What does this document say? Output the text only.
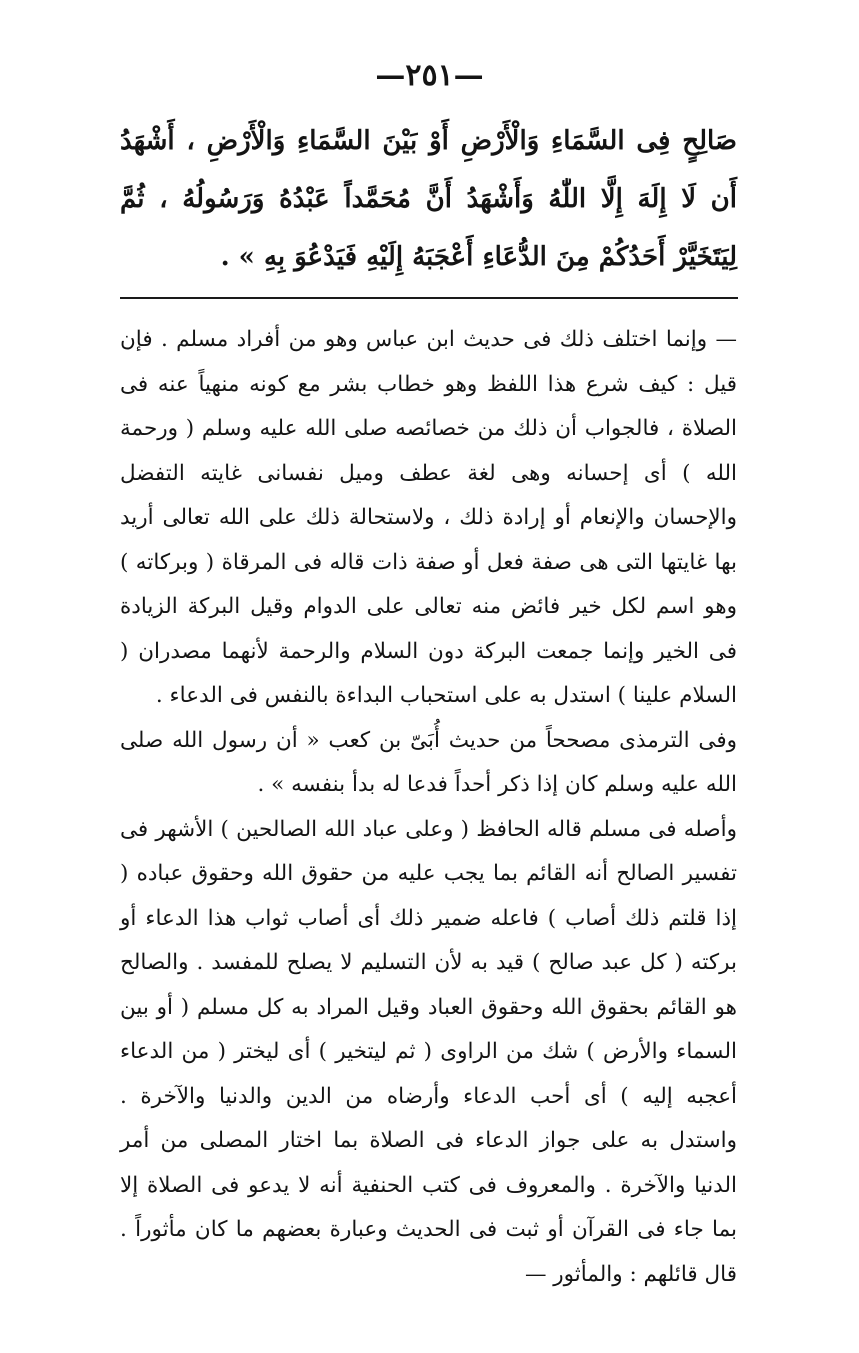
—٢٥١—
صَالِحٍ فِى السَّمَاءِ وَالْأَرْضِ أَوْ بَيْنَ السَّمَاءِ وَالْأَرْضِ ، أَشْهَدُ أَن لَا إِلَهَ إِلَّا اللّٰهُ وَأَشْهَدُ أَنَّ مُحَمَّداً عَبْدُهُ وَرَسُولُهُ ، ثُمَّ لِيَتَخَيَّرْ أَحَدُكُمْ مِنَ الدُّعَاءِ أَعْجَبَهُ إِلَيْهِ فَيَدْعُوَ بِهِ » .

— وإنما اختلف ذلك فى حديث ابن عباس وهو من أفراد مسلم . فإن قيل : كيف شرع هذا اللفظ وهو خطاب بشر مع كونه منهياً عنه فى الصلاة ، فالجواب أن ذلك من خصائصه صلى الله عليه وسلم ( ورحمة الله ) أى إحسانه وهى لغة عطف وميل نفسانى غايته التفضل والإحسان والإنعام أو إرادة ذلك ، ولاستحالة ذلك على الله تعالى أريد بها غايتها التى هى صفة فعل أو صفة ذات قاله فى المرقاة ( وبركاته ) وهو اسم لكل خير فائض منه تعالى على الدوام وقيل البركة الزيادة فى الخير وإنما جمعت البركة دون السلام والرحمة لأنهما مصدران ( السلام علينا ) استدل به على استحباب البداءة بالنفس فى الدعاء .

وفى الترمذى مصححاً من حديث أُبَىّ بن كعب « أن رسول الله صلى الله عليه وسلم كان إذا ذكر أحداً فدعا له بدأ بنفسه » .

وأصله فى مسلم قاله الحافظ ( وعلى عباد الله الصالحين ) الأشهر فى تفسير الصالح أنه القائم بما يجب عليه من حقوق الله وحقوق عباده ( إذا قلتم ذلك أصاب ) فاعله ضمير ذلك أى أصاب ثواب هذا الدعاء أو بركته ( كل عبد صالح ) قيد به لأن التسليم لا يصلح للمفسد . والصالح هو القائم بحقوق الله وحقوق العباد وقيل المراد به كل مسلم ( أو بين السماء والأرض ) شك من الراوى ( ثم ليتخير ) أى ليختر ( من الدعاء أعجبه إليه ) أى أحب الدعاء وأرضاه من الدين والدنيا والآخرة . واستدل به على جواز الدعاء فى الصلاة بما اختار المصلى من أمر الدنيا والآخرة . والمعروف فى كتب الحنفية أنه لا يدعو فى الصلاة إلا بما جاء فى القرآن أو ثبت فى الحديث وعبارة بعضهم ما كان مأثوراً . قال قائلهم : والمأثور —
